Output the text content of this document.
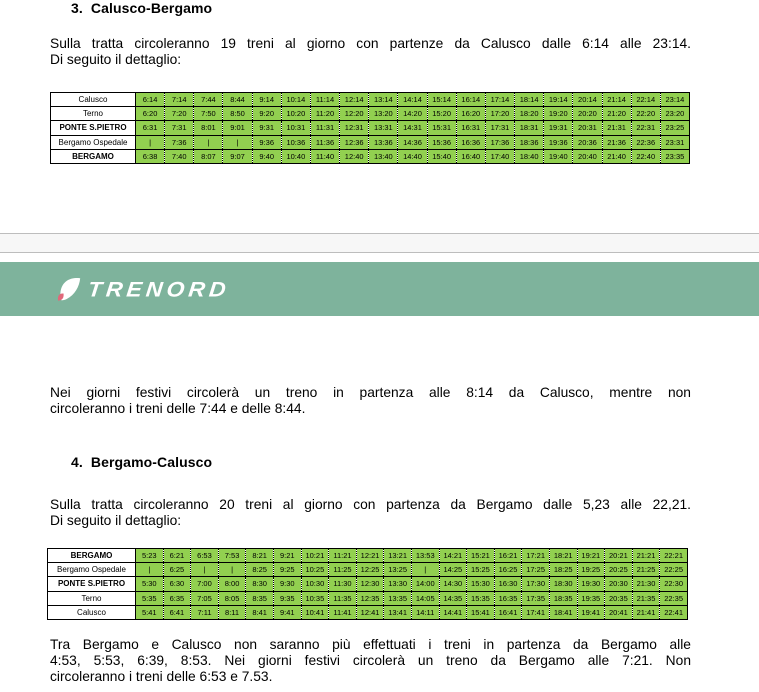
3. Calusco-Bergamo
Sulla tratta circoleranno 19 treni al giorno con partenze da Calusco dalle 6:14 alle 23:14.
Di seguito il dettaglio:
Calusco	6:14	7:14	7:44	8:44	9:14	10:14	11:14	12:14	13:14	14:14	15:14	16:14	17:14	18:14	19:14	20:14	21:14	22:14	23:14
Terno	6:20	7:20	7:50	8:50	9:20	10:20	11:20	12:20	13:20	14:20	15:20	16:20	17:20	18:20	19:20	20:20	21:20	22:20	23:20
PONTE S.PIETRO	6:31	7:31	8:01	9:01	9:31	10:31	11:31	12:31	13:31	14:31	15:31	16:31	17:31	18:31	19:31	20:31	21:31	22:31	23:25
Bergamo Ospedale	|	7:36	|	|	9:36	10:36	11:36	12:36	13:36	14:36	15:36	16:36	17:36	18:36	19:36	20:36	21:36	22:36	23:31
BERGAMO	6:38	7:40	8:07	9:07	9:40	10:40	11:40	12:40	13:40	14:40	15:40	16:40	17:40	18:40	19:40	20:40	21:40	22:40	23:35
TRENORD
Nei giorni festivi circolerà un treno in partenza alle 8:14 da Calusco, mentre non
circoleranno i treni delle 7:44 e delle 8:44.
4. Bergamo-Calusco
Sulla tratta circoleranno 20 treni al giorno con partenza da Bergamo dalle 5,23 alle 22,21.
Di seguito il dettaglio:
BERGAMO	5:23	6:21	6:53	7:53	8:21	9:21	10:21	11:21	12:21	13:21	13:53	14:21	15:21	16:21	17:21	18:21	19:21	20:21	21:21	22:21
Bergamo Ospedale	|	6:25	|	|	8:25	9:25	10:25	11:25	12:25	13:25	|	14:25	15:25	16:25	17:25	18:25	19:25	20:25	21:25	22:25
PONTE S.PIETRO	5:30	6:30	7:00	8:00	8:30	9:30	10:30	11:30	12:30	13:30	14:00	14:30	15:30	16:30	17:30	18:30	19:30	20:30	21:30	22:30
Terno	5:35	6:35	7:05	8:05	8:35	9:35	10:35	11:35	12:35	13:35	14:05	14:35	15:35	16:35	17:35	18:35	19:35	20:35	21:35	22:35
Calusco	5:41	6:41	7:11	8:11	8:41	9:41	10:41	11:41	12:41	13:41	14:11	14:41	15:41	16:41	17:41	18:41	19:41	20:41	21:41	22:41
Tra Bergamo e Calusco non saranno più effettuati i treni in partenza da Bergamo alle
4:53, 5:53, 6:39, 8:53. Nei giorni festivi circolerà un treno da Bergamo alle 7:21. Non
circoleranno i treni delle 6:53 e 7.53.
